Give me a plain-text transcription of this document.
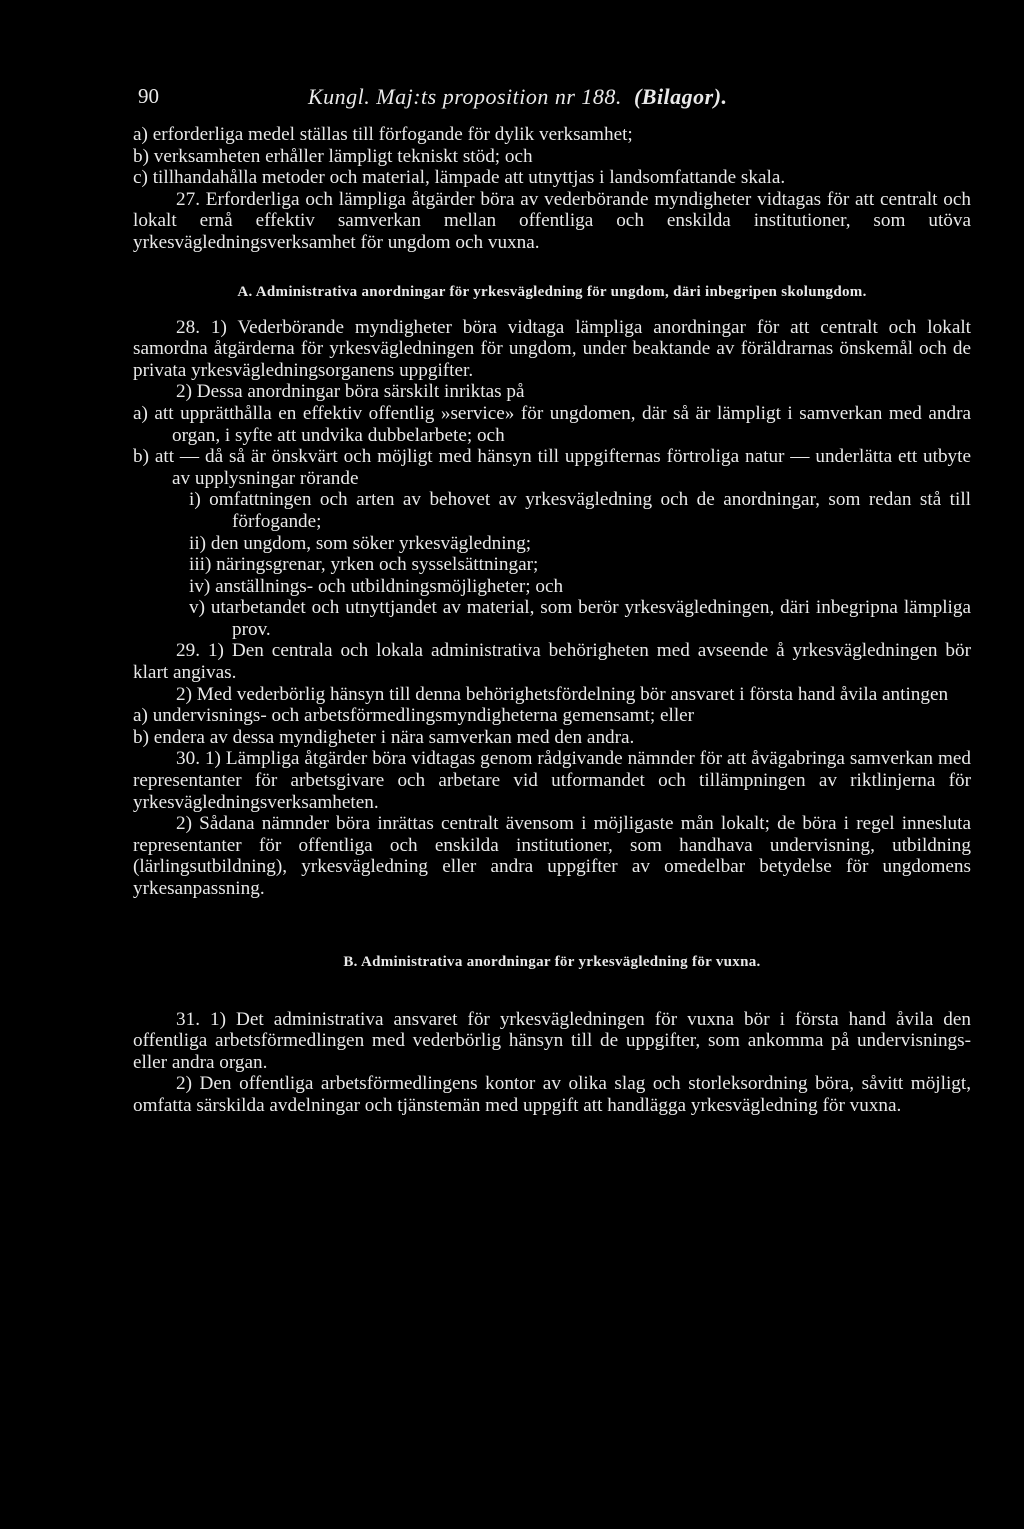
90	Kungl. Maj:ts proposition nr 188. (Bilagor).

a) erforderliga medel ställas till förfogande för dylik verksamhet;

b) verksamheten erhåller lämpligt tekniskt stöd; och

c) tillhandahålla metoder och material, lämpade att utnyttjas i landsomfattande skala.

27. Erforderliga och lämpliga åtgärder böra av vederbörande myndigheter vidtagas för att centralt och lokalt ernå effektiv samverkan mellan offentliga och enskilda institutioner, som utöva yrkesvägledningsverksamhet för ungdom och vuxna.

A. Administrativa anordningar för yrkesvägledning för ungdom, däri inbegripen skolungdom.

28. 1) Vederbörande myndigheter böra vidtaga lämpliga anordningar för att centralt och lokalt samordna åtgärderna för yrkesvägledningen för ungdom, under beaktande av föräldrarnas önskemål och de privata yrkesvägledningsorganens uppgifter.

2) Dessa anordningar böra särskilt inriktas på

a) att upprätthålla en effektiv offentlig »service» för ungdomen, där så är lämpligt i samverkan med andra organ, i syfte att undvika dubbelarbete; och

b) att — då så är önskvärt och möjligt med hänsyn till uppgifternas förtroliga natur — underlätta ett utbyte av upplysningar rörande

i) omfattningen och arten av behovet av yrkesvägledning och de anordningar, som redan stå till förfogande;

ii) den ungdom, som söker yrkesvägledning;

iii) näringsgrenar, yrken och sysselsättningar;

iv) anställnings- och utbildningsmöjligheter; och

v) utarbetandet och utnyttjandet av material, som berör yrkesvägledningen, däri inbegripna lämpliga prov.

29. 1) Den centrala och lokala administrativa behörigheten med avseende å yrkesvägledningen bör klart angivas.

2) Med vederbörlig hänsyn till denna behörighetsfördelning bör ansvaret i första hand åvila antingen

a) undervisnings- och arbetsförmedlingsmyndigheterna gemensamt; eller

b) endera av dessa myndigheter i nära samverkan med den andra.

30. 1) Lämpliga åtgärder böra vidtagas genom rådgivande nämnder för att åvägabringa samverkan med representanter för arbetsgivare och arbetare vid utformandet och tillämpningen av riktlinjerna för yrkesvägledningsverksamheten.

2) Sådana nämnder böra inrättas centralt ävensom i möjligaste mån lokalt; de böra i regel innesluta representanter för offentliga och enskilda institutioner, som handhava undervisning, utbildning (lärlingsutbildning), yrkesvägledning eller andra uppgifter av omedelbar betydelse för ungdomens yrkesanpassning.

B. Administrativa anordningar för yrkesvägledning för vuxna.

31. 1) Det administrativa ansvaret för yrkesvägledningen för vuxna bör i första hand åvila den offentliga arbetsförmedlingen med vederbörlig hänsyn till de uppgifter, som ankomma på undervisnings- eller andra organ.

2) Den offentliga arbetsförmedlingens kontor av olika slag och storleksordning böra, såvitt möjligt, omfatta särskilda avdelningar och tjänstemän med uppgift att handlägga yrkesvägledning för vuxna.
